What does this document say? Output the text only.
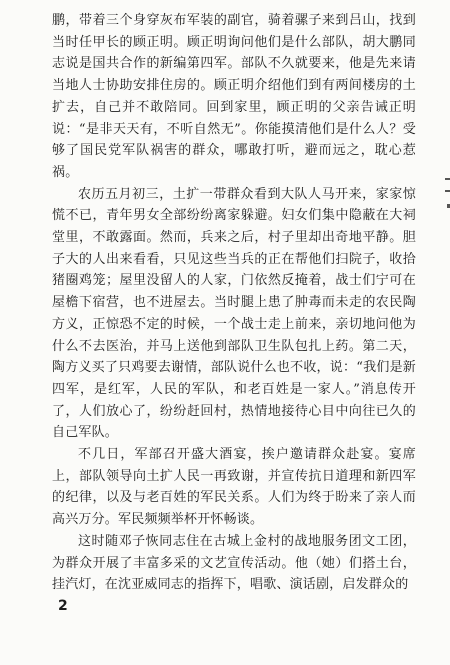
鹏，带着三个身穿灰布军装的副官，骑着骡子来到吕山，找到当时任甲长的顾正明。顾正明询问他们是什么部队，胡大鹏同志说是国共合作的新编第四军。部队不久就要来，他是先来请当地人士协助安排住房的。顾正明介绍他们到有两间楼房的土扩去，自己并不敢陪同。回到家里，顾正明的父亲告诫正明说：“是非天天有，不听自然无”。你能摸清他们是什么人？受够了国民党军队祸害的群众，哪敢打听，避而远之，耽心惹祸。

农历五月初三，土扩一带群众看到大队人马开来，家家惊慌不已，青年男女全部纷纷离家躲避。妇女们集中隐蔽在大祠堂里，不敢露面。然而，兵来之后，村子里却出奇地平静。胆子大的人出来看看，只见这些当兵的正在帮他们扫院子，收拾猪圈鸡笼；屋里没留人的人家，门依然反掩着，战士们宁可在屋檐下宿营，也不进屋去。当时腿上患了肿毒而未走的农民陶方义，正惊恐不定的时候，一个战士走上前来，亲切地问他为什么不去医治，并马上送他到部队卫生队包扎上药。第二天，陶方义买了只鸡要去谢情，部队说什么也不收，说：“我们是新四军，是红军，人民的军队，和老百姓是一家人。”消息传开了，人们放心了，纷纷赶回村，热情地接待心目中向往已久的自己军队。

不几日，军部召开盛大酒宴，挨户邀请群众赴宴。宴席上，部队领导向土扩人民一再致谢，并宣传抗日道理和新四军的纪律，以及与老百姓的军民关系。人们为终于盼来了亲人而高兴万分。军民频频举杯开怀畅谈。

这时随邓子恢同志住在古城上金村的战地服务团文工团，为群众开展了丰富多采的文艺宣传活动。他（她）们搭土台，挂汽灯，在沈亚威同志的指挥下，唱歌、演话剧，启发群众的

2
